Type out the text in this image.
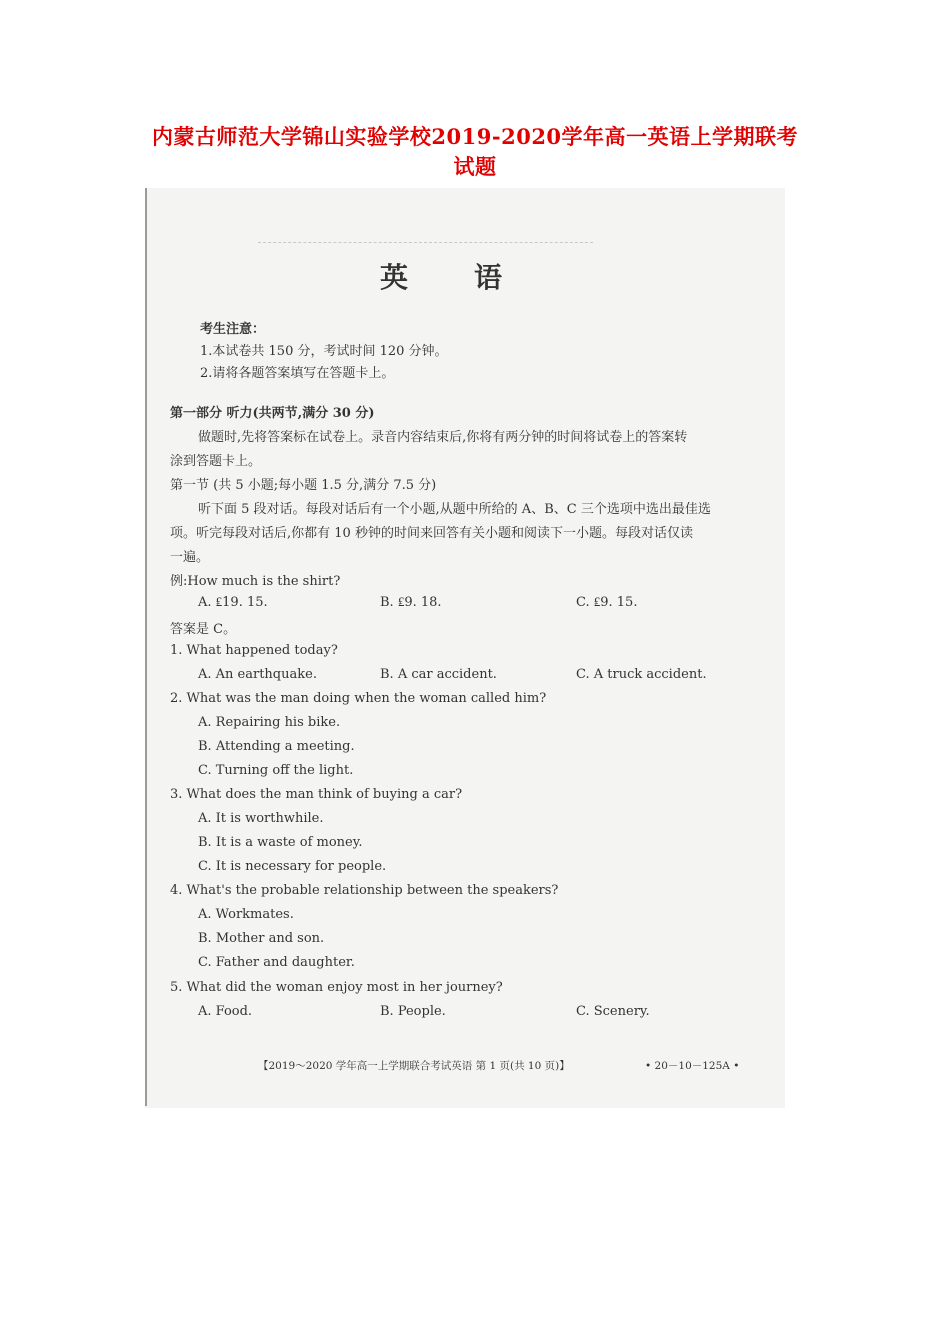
内蒙古师范大学锦山实验学校2019-2020学年高一英语上学期联考
试题
英语
考生注意：
1.本试卷共 150 分，考试时间 120 分钟。
2.请将各题答案填写在答题卡上。
第一部分 听力(共两节,满分 30 分)
做题时,先将答案标在试卷上。录音内容结束后,你将有两分钟的时间将试卷上的答案转
涂到答题卡上。
第一节 (共 5 小题;每小题 1.5 分,满分 7.5 分)
听下面 5 段对话。每段对话后有一个小题,从题中所给的 A、B、C 三个选项中选出最佳选
项。听完每段对话后,你都有 10 秒钟的时间来回答有关小题和阅读下一小题。每段对话仅读
一遍。
例:How much is the shirt?
A. ₤19. 15.	B. ₤9. 18.	C. ₤9. 15.
答案是 C。
1. What happened today?
A. An earthquake.	B. A car accident.	C. A truck accident.
2. What was the man doing when the woman called him?
A. Repairing his bike.
B. Attending a meeting.
C. Turning off the light.
3. What does the man think of buying a car?
A. It is worthwhile.
B. It is a waste of money.
C. It is necessary for people.
4. What's the probable relationship between the speakers?
A. Workmates.
B. Mother and son.
C. Father and daughter.
5. What did the woman enjoy most in her journey?
A. Food.	B. People.	C. Scenery.
【2019～2020 学年高一上学期联合考试英语 第 1 页(共 10 页)】	• 20－10－125A •
